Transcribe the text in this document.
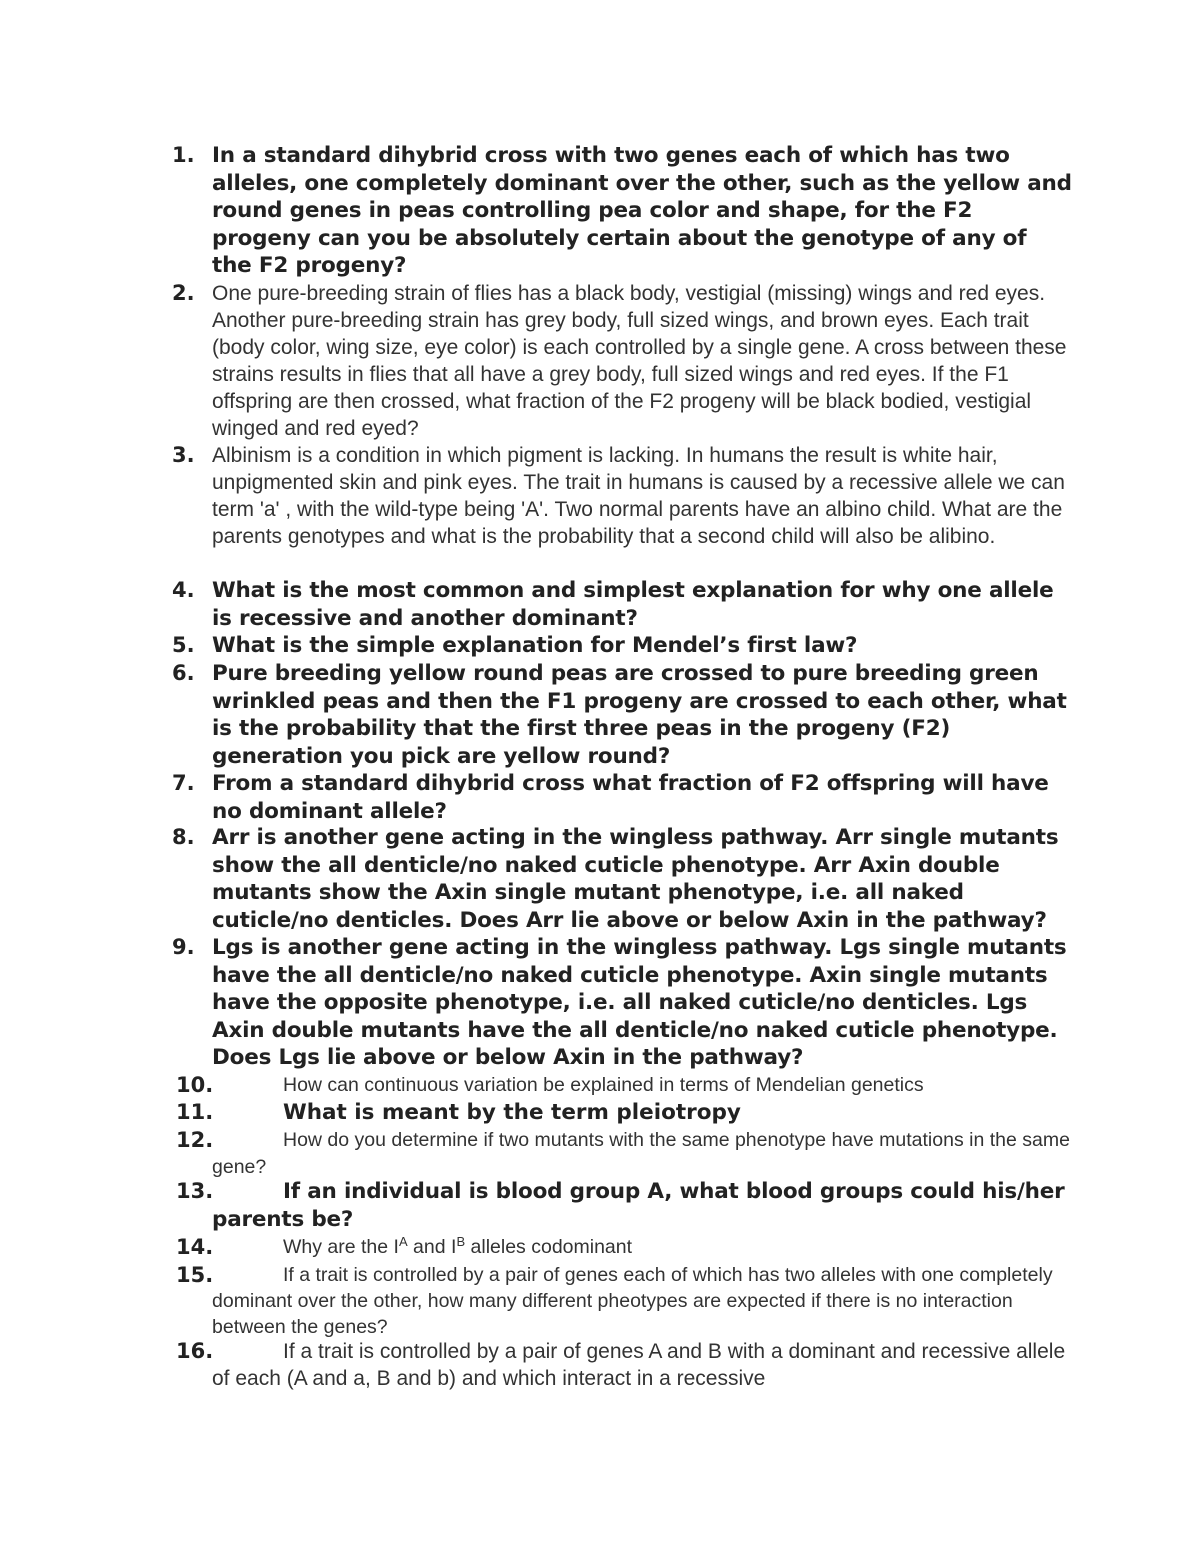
1. In a standard dihybrid cross with two genes each of which has two alleles, one completely dominant over the other, such as the yellow and round genes in peas controlling pea color and shape, for the F2 progeny can you be absolutely certain about the genotype of any of the F2 progeny?
2. One pure-breeding strain of flies has a black body, vestigial (missing) wings and red eyes. Another pure-breeding strain has grey body, full sized wings, and brown eyes. Each trait (body color, wing size, eye color) is each controlled by a single gene. A cross between these strains results in flies that all have a grey body, full sized wings and red eyes. If the F1 offspring are then crossed, what fraction of the F2 progeny will be black bodied, vestigial winged and red eyed?
3. Albinism is a condition in which pigment is lacking. In humans the result is white hair, unpigmented skin and pink eyes. The trait in humans is caused by a recessive allele we can term 'a' , with the wild-type being 'A'. Two normal parents have an albino child. What are the parents genotypes and what is the probability that a second child will also be alibino.
4. What is the most common and simplest explanation for why one allele is recessive and another dominant?
5. What is the simple explanation for Mendel’s first law?
6. Pure breeding yellow round peas are crossed to pure breeding green wrinkled peas and then the F1 progeny are crossed to each other, what is the probability that the first three peas in the progeny (F2) generation you pick are yellow round?
7. From a standard dihybrid cross what fraction of F2 offspring will have no dominant allele?
8. Arr is another gene acting in the wingless pathway. Arr single mutants show the all denticle/no naked cuticle phenotype. Arr Axin double mutants show the Axin single mutant phenotype, i.e. all naked cuticle/no denticles. Does Arr lie above or below Axin in the pathway?
9. Lgs is another gene acting in the wingless pathway. Lgs single mutants have the all denticle/no naked cuticle phenotype. Axin single mutants have the opposite phenotype, i.e. all naked cuticle/no denticles. Lgs Axin double mutants have the all denticle/no naked cuticle phenotype. Does Lgs lie above or below Axin in the pathway?
10.	How can continuous variation be explained in terms of Mendelian genetics
11.	What is meant by the term pleiotropy
12.	How do you determine if two mutants with the same phenotype have mutations in the same gene?
13.	If an individual is blood group A, what blood groups could his/her parents be?
14.	Why are the $I^A$ and $I^B$ alleles codominant
15.	If a trait is controlled by a pair of genes each of which has two alleles with one completely dominant over the other, how many different pheotypes are expected if there is no interaction between the genes?
16.	If a trait is controlled by a pair of genes A and B with a dominant and recessive allele of each (A and a, B and b) and which interact in a recessive
